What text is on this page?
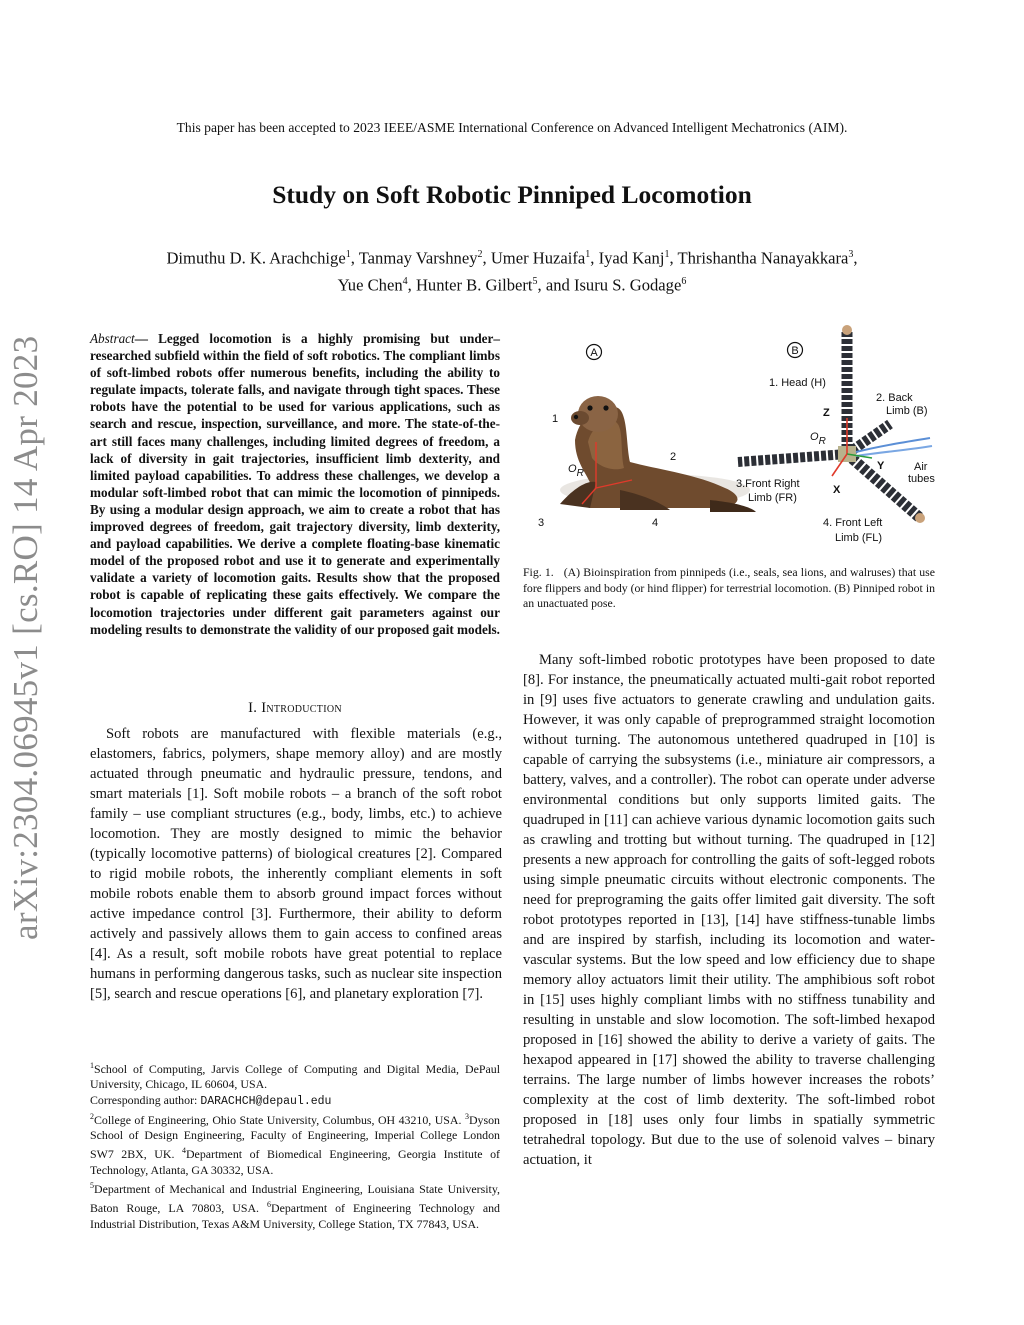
This paper has been accepted to 2023 IEEE/ASME International Conference on Advanced Intelligent Mechatronics (AIM).
arXiv:2304.06945v1 [cs.RO] 14 Apr 2023
Study on Soft Robotic Pinniped Locomotion
Dimuthu D. K. Arachchige$^1$, Tanmay Varshney$^2$, Umer Huzaifa$^1$, Iyad Kanj$^1$, Thrishantha Nanayakkara$^3$,
Yue Chen$^4$, Hunter B. Gilbert$^5$, and Isuru S. Godage$^6$
Abstract— Legged locomotion is a highly promising but under–researched subfield within the field of soft robotics. The compliant limbs of soft-limbed robots offer numerous benefits, including the ability to regulate impacts, tolerate falls, and navigate through tight spaces. These robots have the potential to be used for various applications, such as search and rescue, inspection, surveillance, and more. The state-of-the-art still faces many challenges, including limited degrees of freedom, a lack of diversity in gait trajectories, insufficient limb dexterity, and limited payload capabilities. To address these challenges, we develop a modular soft-limbed robot that can mimic the locomotion of pinnipeds. By using a modular design approach, we aim to create a robot that has improved degrees of freedom, gait trajectory diversity, limb dexterity, and payload capabilities. We derive a complete floating-base kinematic model of the proposed robot and use it to generate and experimentally validate a variety of locomotion gaits. Results show that the proposed robot is capable of replicating these gaits effectively. We compare the locomotion trajectories under different gait parameters against our modeling results to demonstrate the validity of our proposed gait models.
I. Introduction

Soft robots are manufactured with flexible materials (e.g., elastomers, fabrics, polymers, shape memory alloy) and are mostly actuated through pneumatic and hydraulic pressure, tendons, and smart materials [1]. Soft mobile robots – a branch of the soft robot family – use compliant structures (e.g., body, limbs, etc.) to achieve locomotion. They are mostly designed to mimic the behavior (typically locomotive patterns) of biological creatures [2]. Compared to rigid mobile robots, the inherently compliant elements in soft mobile robots enable them to absorb ground impact forces without active impedance control [3]. Furthermore, their ability to deform actively and passively allows them to gain access to confined areas [4]. As a result, soft mobile robots have great potential to replace humans in performing dangerous tasks, such as nuclear site inspection [5], search and rescue operations [6], and planetary exploration [7].

$^1$School of Computing, Jarvis College of Computing and Digital Media, DePaul University, Chicago, IL 60604, USA.
Corresponding author: DARACHCH@depaul.edu
$^2$College of Engineering, Ohio State University, Columbus, OH 43210, USA. $^3$Dyson School of Design Engineering, Faculty of Engineering, Imperial College London SW7 2BX, UK. $^4$Department of Biomedical Engineering, Georgia Institute of Technology, Atlanta, GA 30332, USA.
$^5$Department of Mechanical and Industrial Engineering, Louisiana State University, Baton Rouge, LA 70803, USA. $^6$Department of Engineering Technology and Industrial Distribution, Texas A&M University, College Station, TX 77843, USA.
A	B
OR
1
2
3	4
1. Head (H)
2. Back
Limb (B)
3.Front Right
Limb (FR)
4. Front Left
Limb (FL)
Z
Y
X
OR
Air
tubes
Fig. 1. (A) Bioinspiration from pinnipeds (i.e., seals, sea lions, and walruses) that use fore flippers and body (or hind flipper) for terrestrial locomotion. (B) Pinniped robot in an unactuated pose.

Many soft-limbed robotic prototypes have been proposed to date [8]. For instance, the pneumatically actuated multi-gait robot reported in [9] uses five actuators to generate crawling and undulation gaits. However, it was only capable of preprogrammed straight locomotion without turning. The autonomous untethered quadruped in [10] is capable of carrying the subsystems (i.e., miniature air compressors, a battery, valves, and a controller). The robot can operate under adverse environmental conditions but only supports limited gaits. The quadruped in [11] can achieve various dynamic locomotion gaits such as crawling and trotting but without turning. The quadruped in [12] presents a new approach for controlling the gaits of soft-legged robots using simple pneumatic circuits without electronic components. The need for preprograming the gaits offer limited gait diversity. The soft robot prototypes reported in [13], [14] have stiffness-tunable limbs and are inspired by starfish, including its locomotion and water-vascular systems. But the low speed and low efficiency due to shape memory alloy actuators limit their utility. The amphibious soft robot in [15] uses highly compliant limbs with no stiffness tunability and resulting in unstable and slow locomotion. The soft-limbed hexapod proposed in [16] showed the ability to derive a variety of gaits. The hexapod appeared in [17] showed the ability to traverse challenging terrains. The large number of limbs however increases the robots’ complexity at the cost of limb dexterity. The soft-limbed robot proposed in [18] uses only four limbs in spatially symmetric tetrahedral topology. But due to the use of solenoid valves – binary actuation, it
